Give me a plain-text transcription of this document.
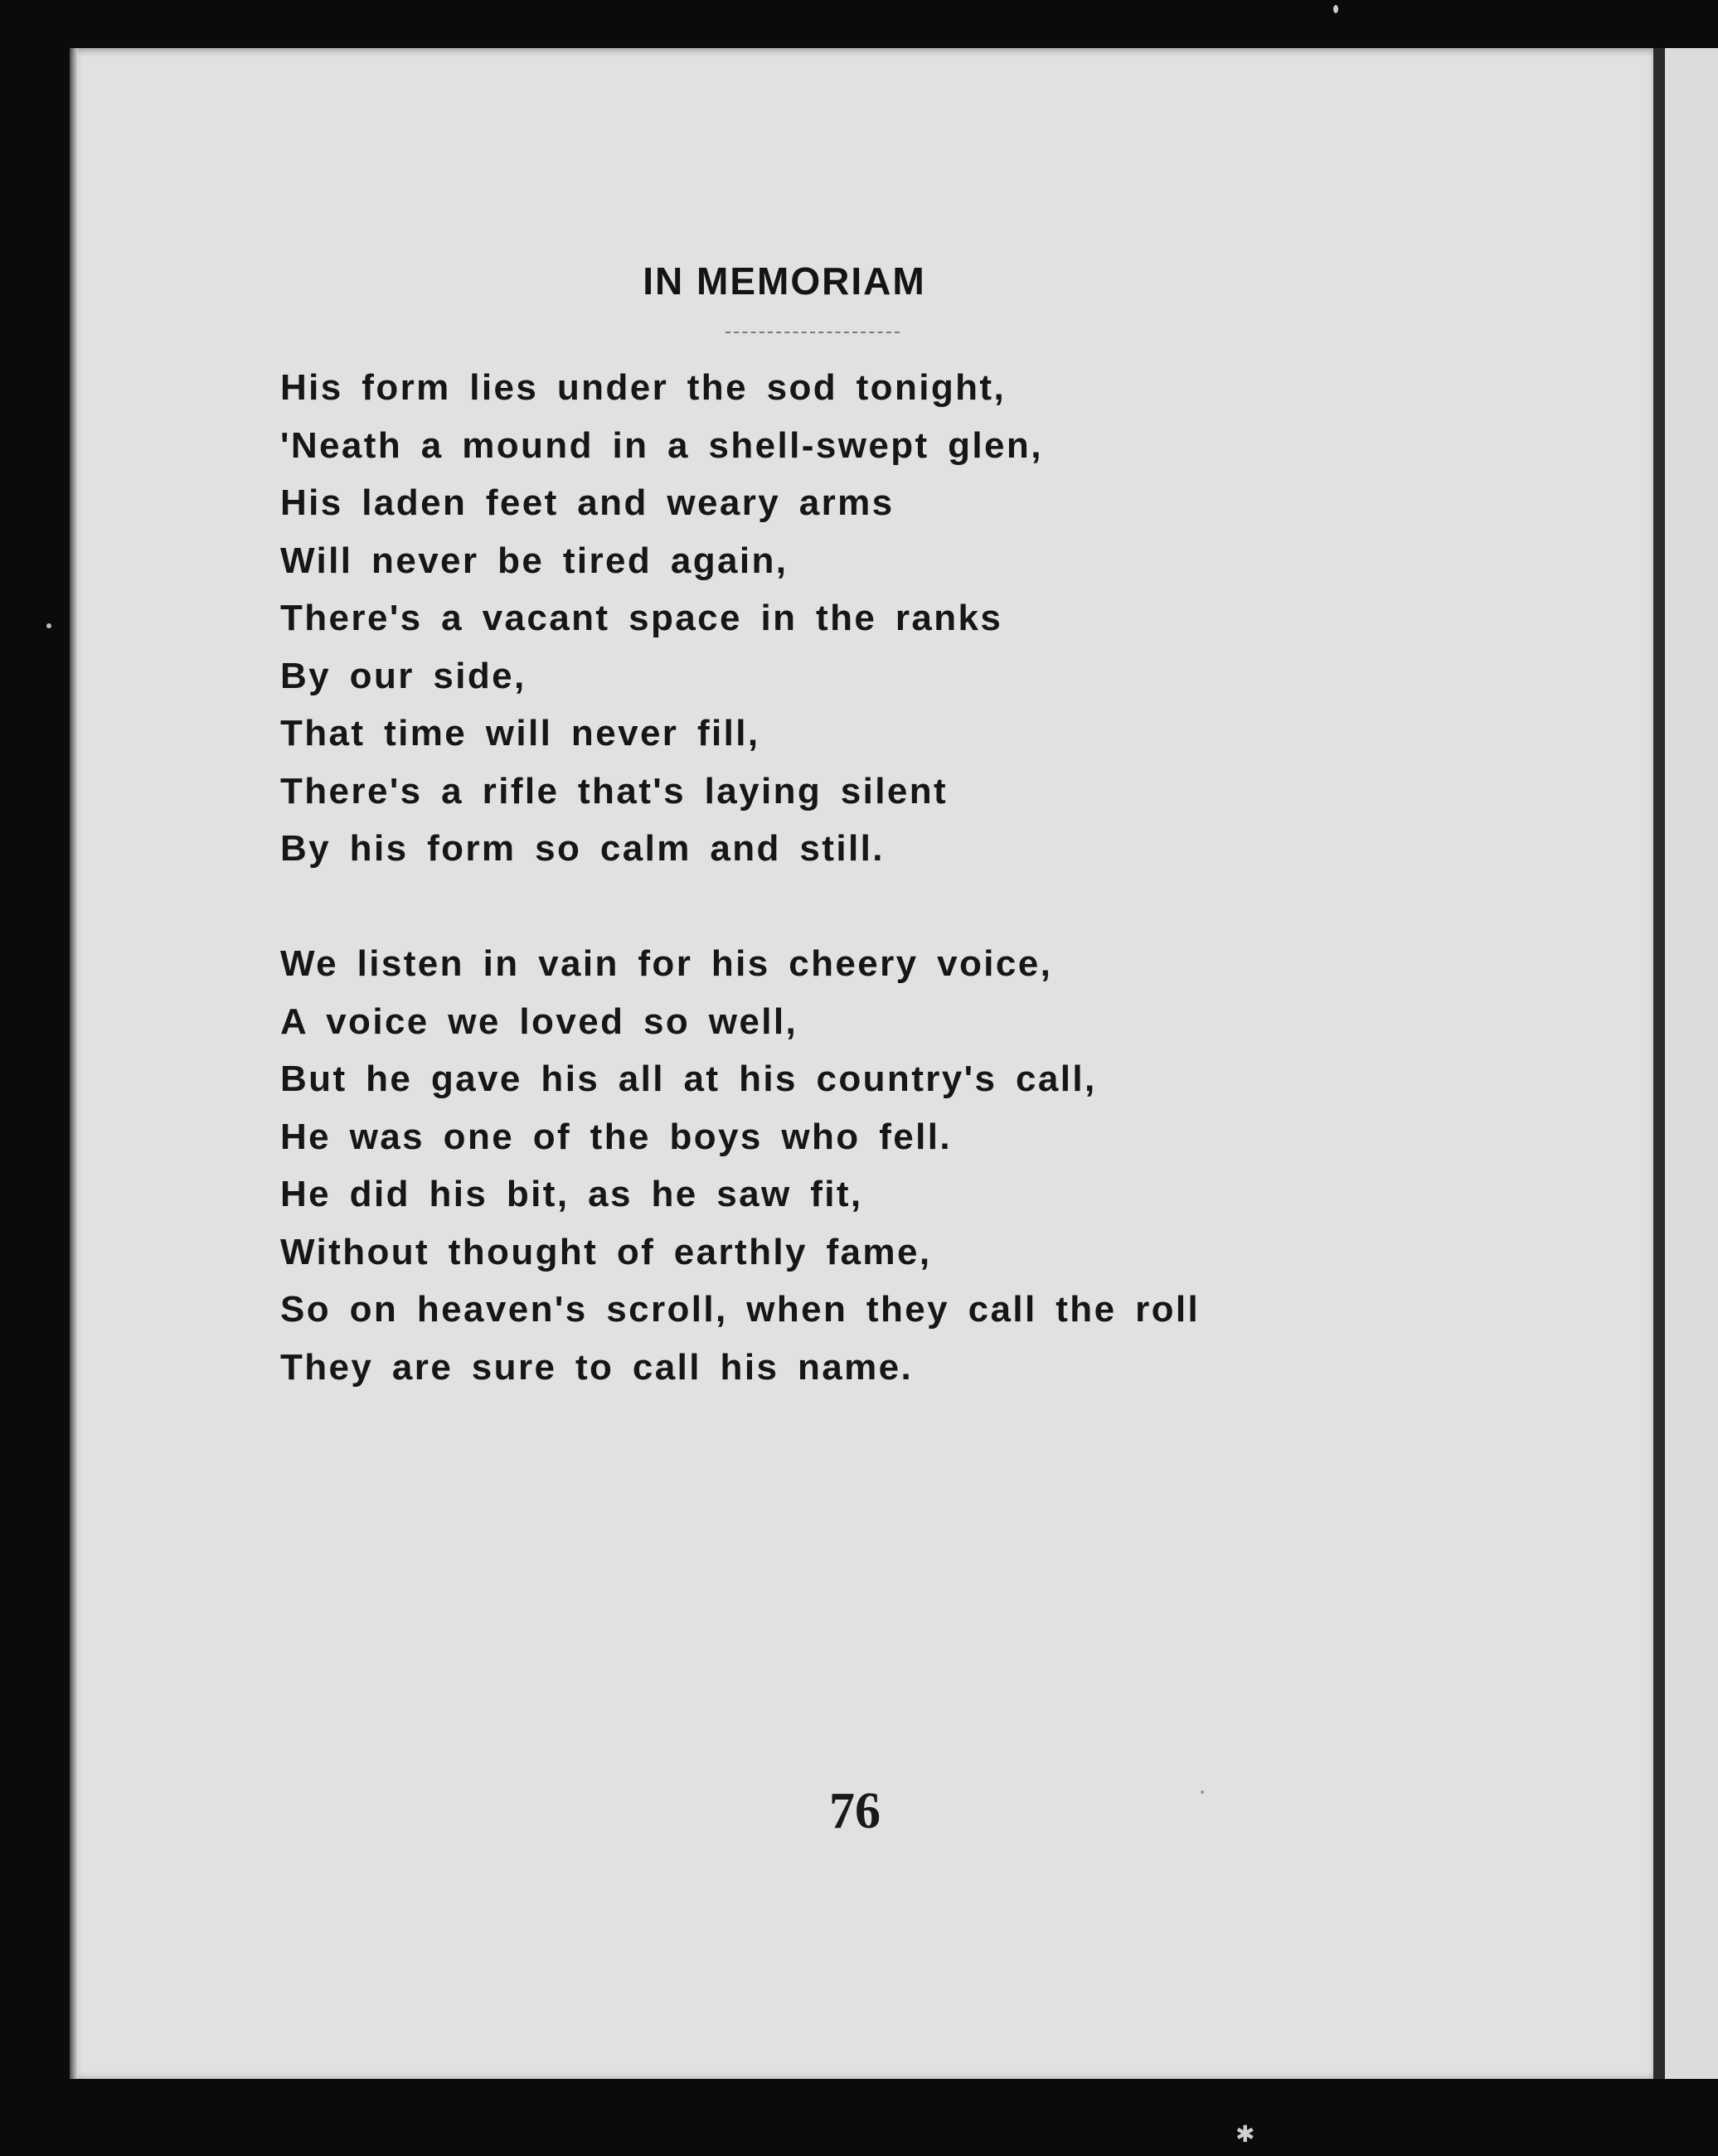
IN MEMORIAM
His form lies under the sod tonight,
'Neath a mound in a shell-swept glen,
His laden feet and weary arms
Will never be tired again,
There's a vacant space in the ranks
By our side,
That time will never fill,
There's a rifle that's laying silent
By his form so calm and still.
We listen in vain for his cheery voice,
A voice we loved so well,
But he gave his all at his country's call,
He was one of the boys who fell.
He did his bit, as he saw fit,
Without thought of earthly fame,
So on heaven's scroll, when they call the roll
They are sure to call his name.
76
✱
